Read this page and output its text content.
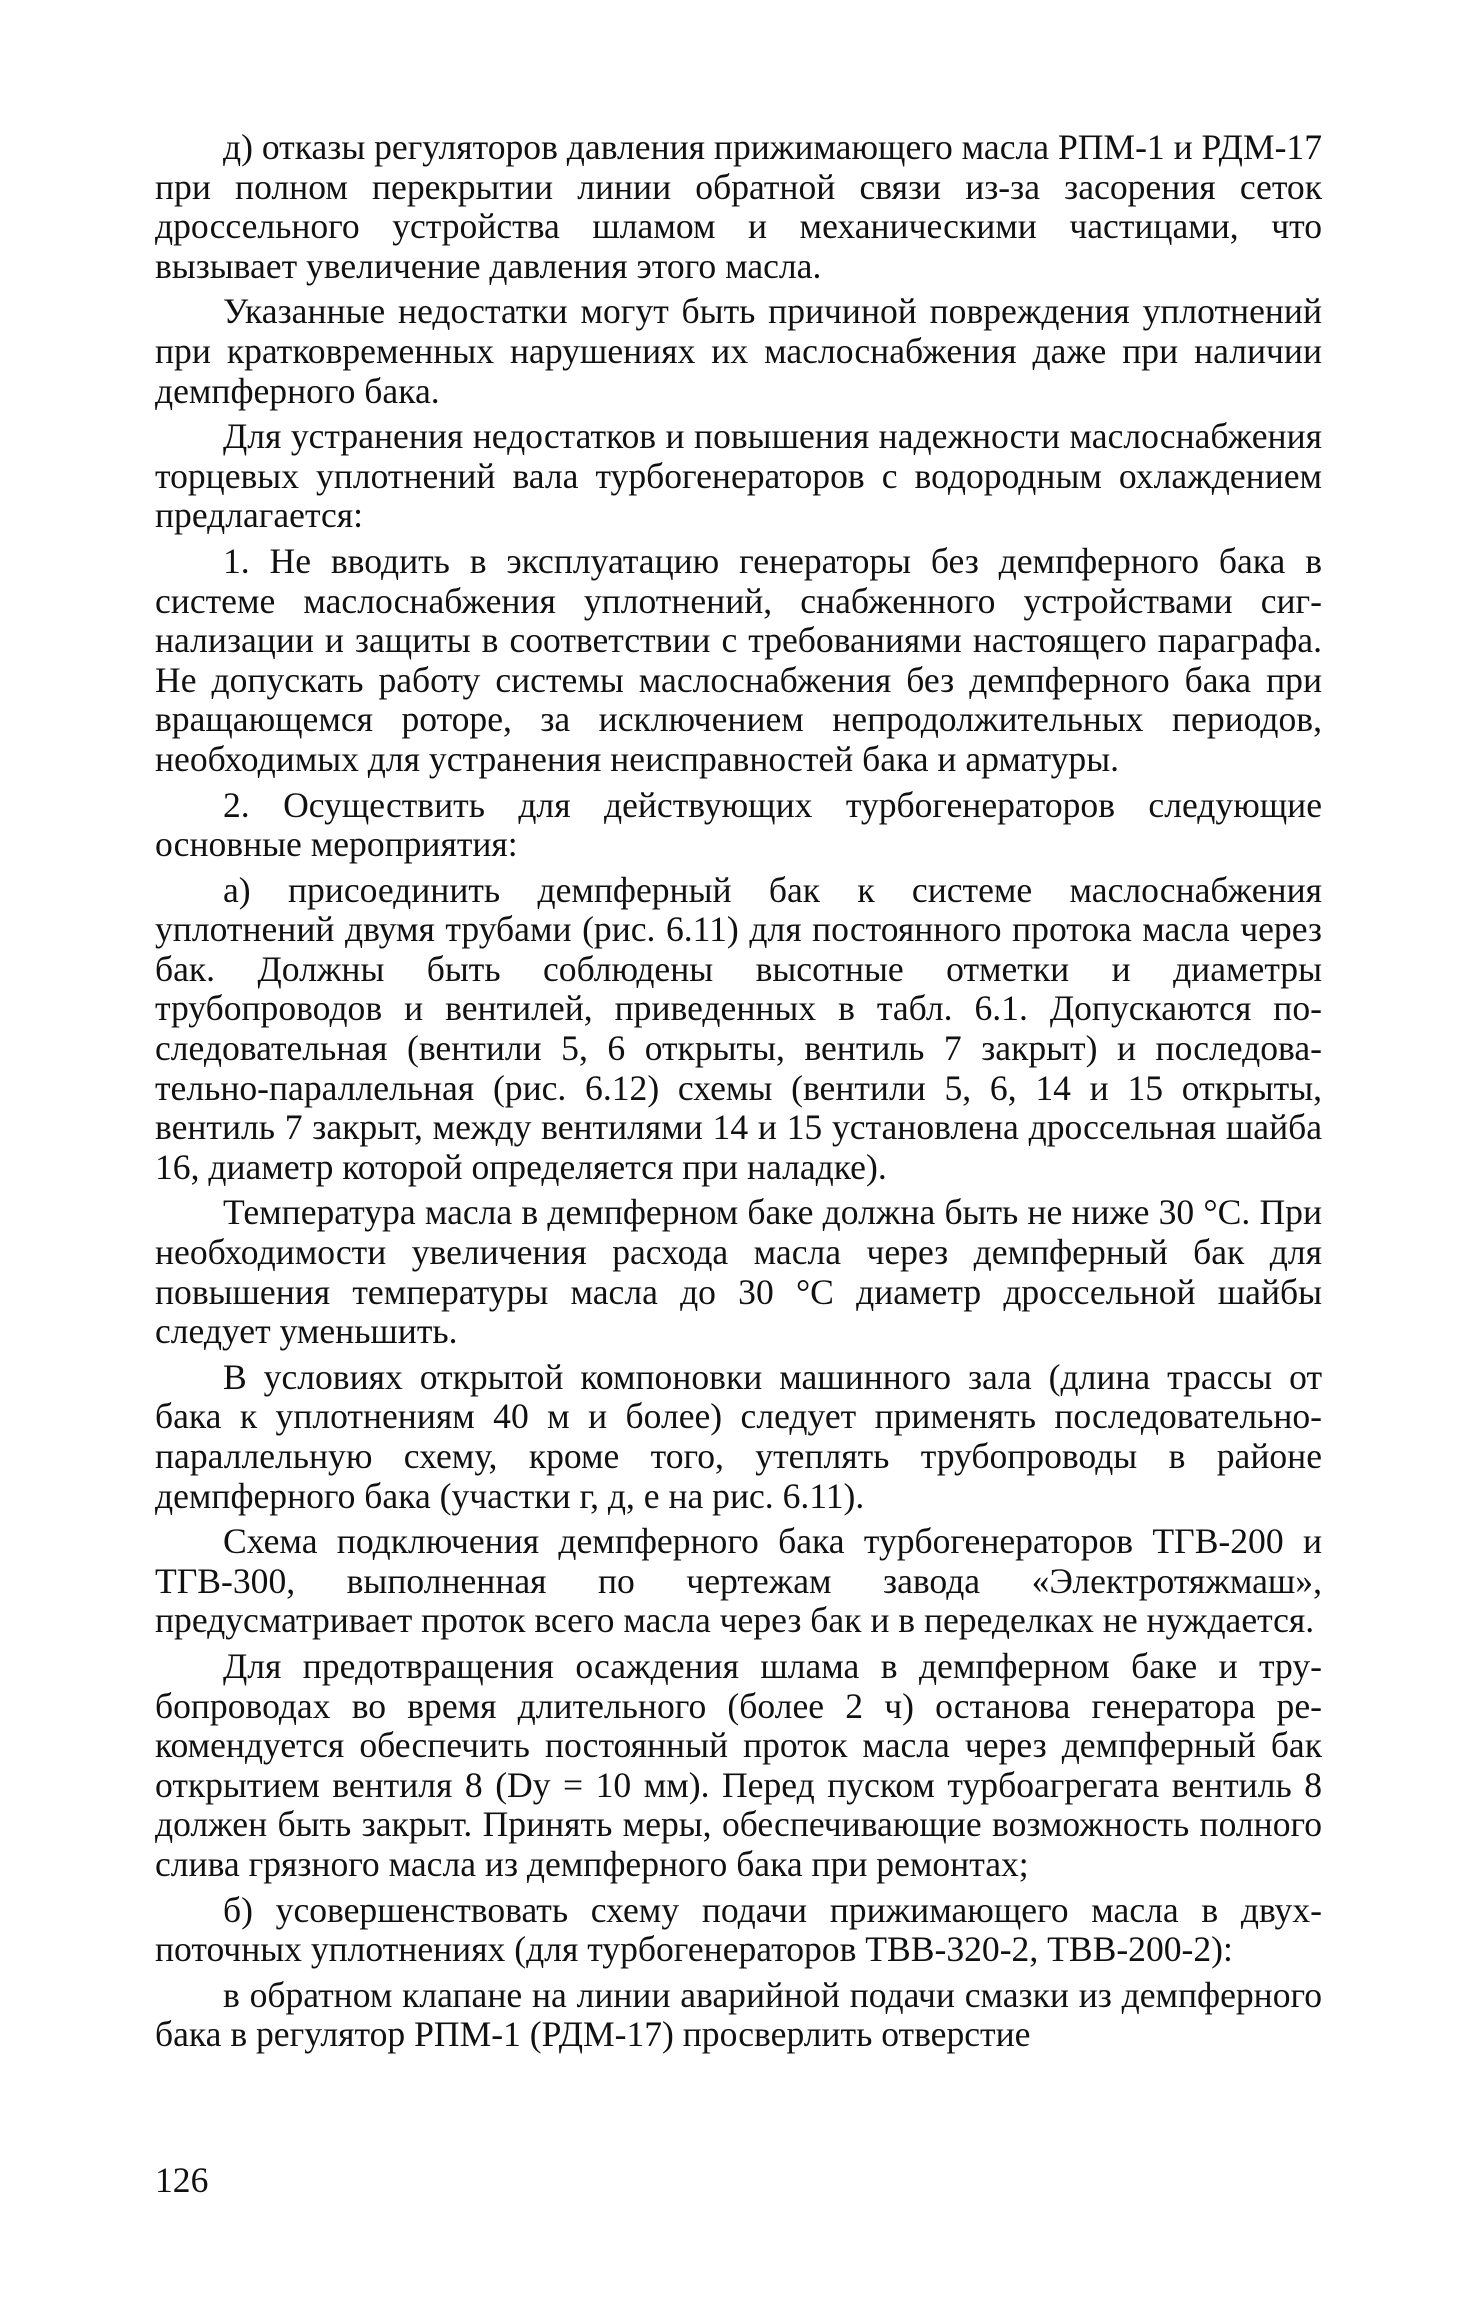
д) отказы регуляторов давления прижимающего масла РПМ-1 и РДМ-17 при полном перекрытии линии обратной связи из-за засорения сеток дроссельного устройства шламом и механическими частицами, что вызывает увеличение давления этого масла.

Указанные недостатки могут быть причиной повреждения уплотнений при кратковременных нарушениях их маслоснабжения даже при наличии демпферного бака.

Для устранения недостатков и повышения надежности маслоснабжения торцевых уплотнений вала турбогенераторов с водородным охлаждением предлагается:

1. Не вводить в эксплуатацию генераторы без демпферного бака в системе маслоснабжения уплотнений, снабженного устройствами сигнализации и защиты в соответствии с требованиями настоящего параграфа. Не допускать работу системы маслоснабжения без демпферного бака при вращающемся роторе, за исключением непродолжительных периодов, необходимых для устранения неисправностей бака и арматуры.

2. Осуществить для действующих турбогенераторов следующие основные мероприятия:

а) присоединить демпферный бак к системе маслоснабжения уплотнений двумя трубами (рис. 6.11) для постоянного протока масла через бак. Должны быть соблюдены высотные отметки и диаметры трубопроводов и вентилей, приведенных в табл. 6.1. Допускаются последовательная (вентили 5, 6 открыты, вентиль 7 закрыт) и последовательно-параллельная (рис. 6.12) схемы (вентили 5, 6, 14 и 15 открыты, вентиль 7 закрыт, между вентилями 14 и 15 установлена дроссельная шайба 16, диаметр которой определяется при наладке).

Температура масла в демпферном баке должна быть не ниже 30 °C. При необходимости увеличения расхода масла через демпферный бак для повышения температуры масла до 30 °C диаметр дроссельной шайбы следует уменьшить.

В условиях открытой компоновки машинного зала (длина трассы от бака к уплотнениям 40 м и более) следует применять последовательно-параллельную схему, кроме того, утеплять трубопроводы в районе демпферного бака (участки г, д, е на рис. 6.11).

Схема подключения демпферного бака турбогенераторов ТГВ-200 и ТГВ-300, выполненная по чертежам завода «Электротяжмаш», предусматривает проток всего масла через бак и в переделках не нуждается.

Для предотвращения осаждения шлама в демпферном баке и трубопроводах во время длительного (более 2 ч) останова генератора рекомендуется обеспечить постоянный проток масла через демпферный бак открытием вентиля 8 (Dу = 10 мм). Перед пуском турбоагрегата вентиль 8 должен быть закрыт. Принять меры, обеспечивающие возможность полного слива грязного масла из демпферного бака при ремонтах;

б) усовершенствовать схему подачи прижимающего масла в двухпоточных уплотнениях (для турбогенераторов ТВВ-320-2, ТВВ-200-2):

в обратном клапане на линии аварийной подачи смазки из демпферного бака в регулятор РПМ-1 (РДМ-17) просверлить отверстие

126
